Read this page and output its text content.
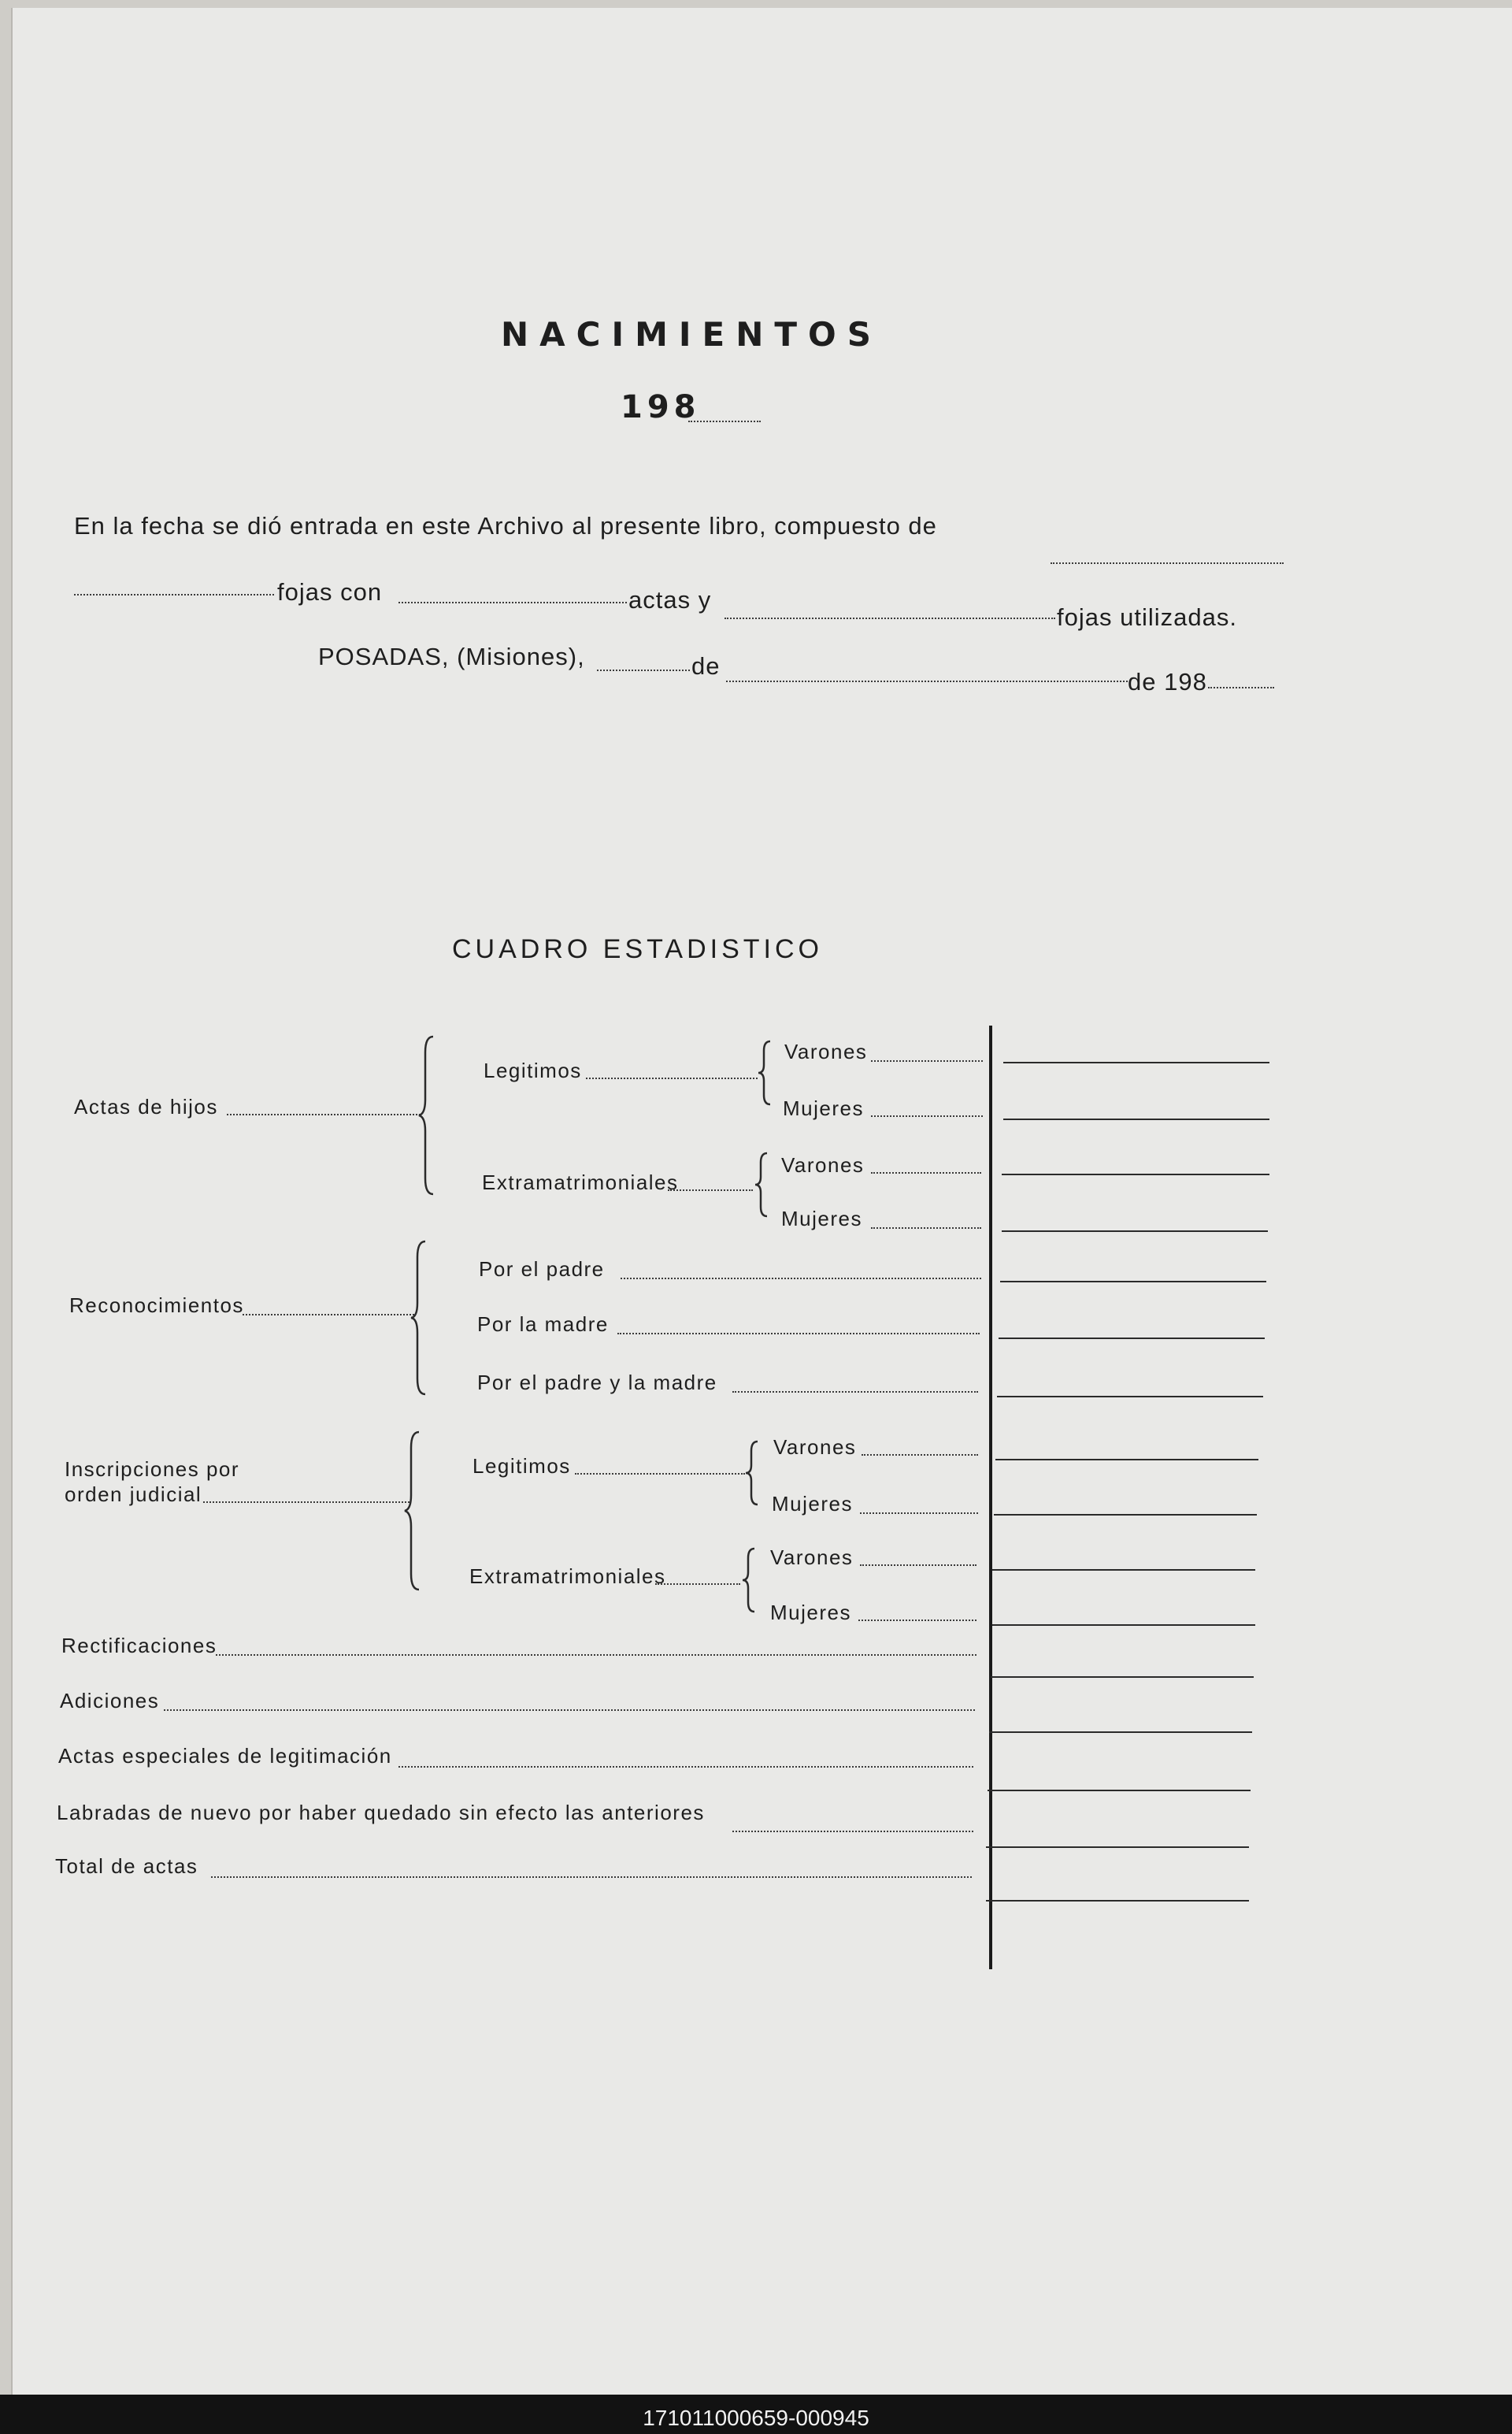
NACIMIENTOS
198
En la fecha se dió entrada en este Archivo al presente libro, compuesto de
fojas con	actas y
fojas utilizadas.
POSADAS, (Misiones),	de
de 198
CUADRO ESTADISTICO
Actas de hijos
Legitimos
Varones
Mujeres
Extramatrimoniales
Varones
Mujeres
Reconocimientos
Por el padre
Por la madre
Por el padre y la madre
Inscripciones por
orden judicial
Legitimos
Varones
Mujeres
Extramatrimoniales
Varones
Mujeres
Rectificaciones
Adiciones
Actas especiales de legitimación
Labradas de nuevo por haber quedado sin efecto las anteriores
Total de actas
171011000659-000945
